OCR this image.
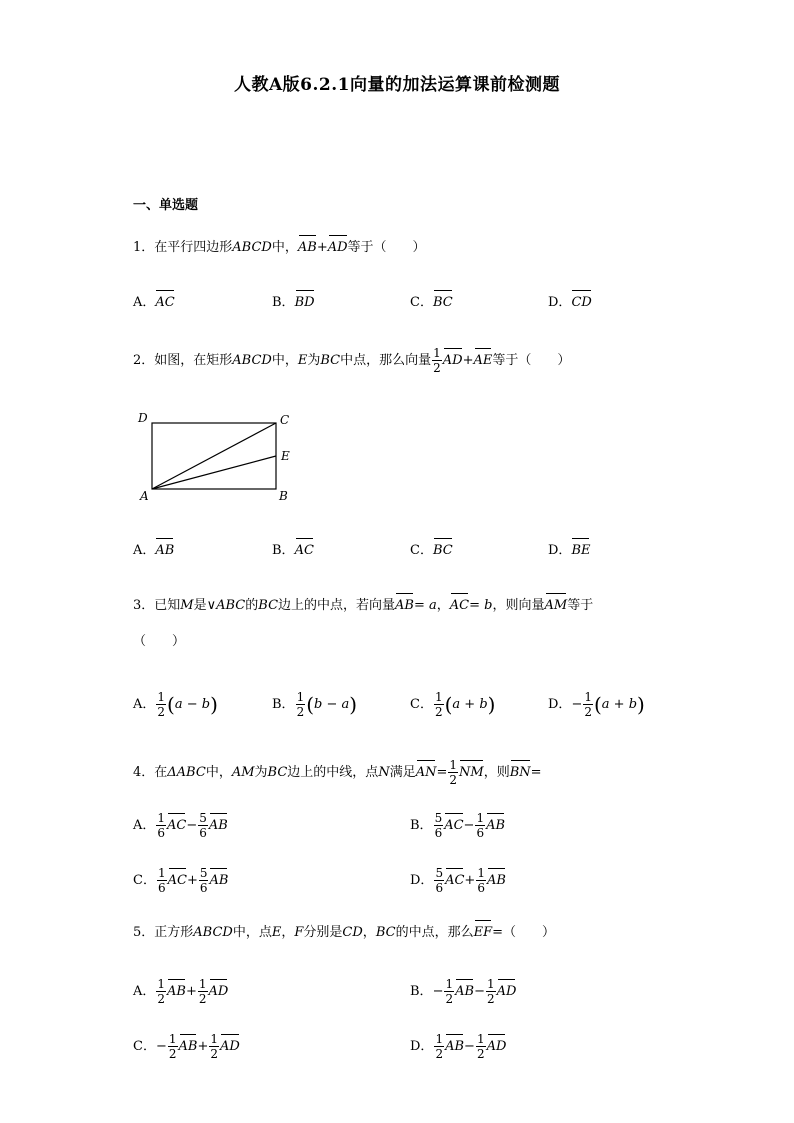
人教A版6.2.1向量的加法运算课前检测题
一、单选题
1．在平行四边形ABCD中，AB+AD等于（　　）
A．AC	B．BD	C．BC	D．CD
2．如图，在矩形ABCD中，E为BC中点，那么向量 $\frac{1}{2} AD+AE$等于（　　）
D	C
E
A	B
A．AB	B．AC	C．BC	D．BE
3．已知M是∨ABC的BC边上的中点，若向量AB= a，AC= b，则向量AM等于
（　　）
A． $\frac{1}{2} (a - b)$	B． $\frac{1}{2} (b - a)$	C． $\frac{1}{2} (a + b)$	D．− $\frac{1}{2} (a + b)$
4．在ΔABC中，AM为BC边上的中线，点N满足$AN= \frac{1}{2}$ NM，则BN=
A． $\frac{1}{6} AC- \frac{5}{6}$ AB	B． $\frac{5}{6} AC- \frac{1}{6}$ AB
C． $\frac{1}{6} AC+ \frac{5}{6}$ AB	D． $\frac{5}{6} AC+ \frac{1}{6}$ AB
5．正方形ABCD中，点E，F分别是CD，BC的中点，那么EF=（　　）
A． $\frac{1}{2} AB+ \frac{1}{2}$ AD	B．− $\frac{1}{2} AB- \frac{1}{2}$ AD
C．− $\frac{1}{2} AB+ \frac{1}{2}$ AD	D． $\frac{1}{2} AB- \frac{1}{2}$ AD
